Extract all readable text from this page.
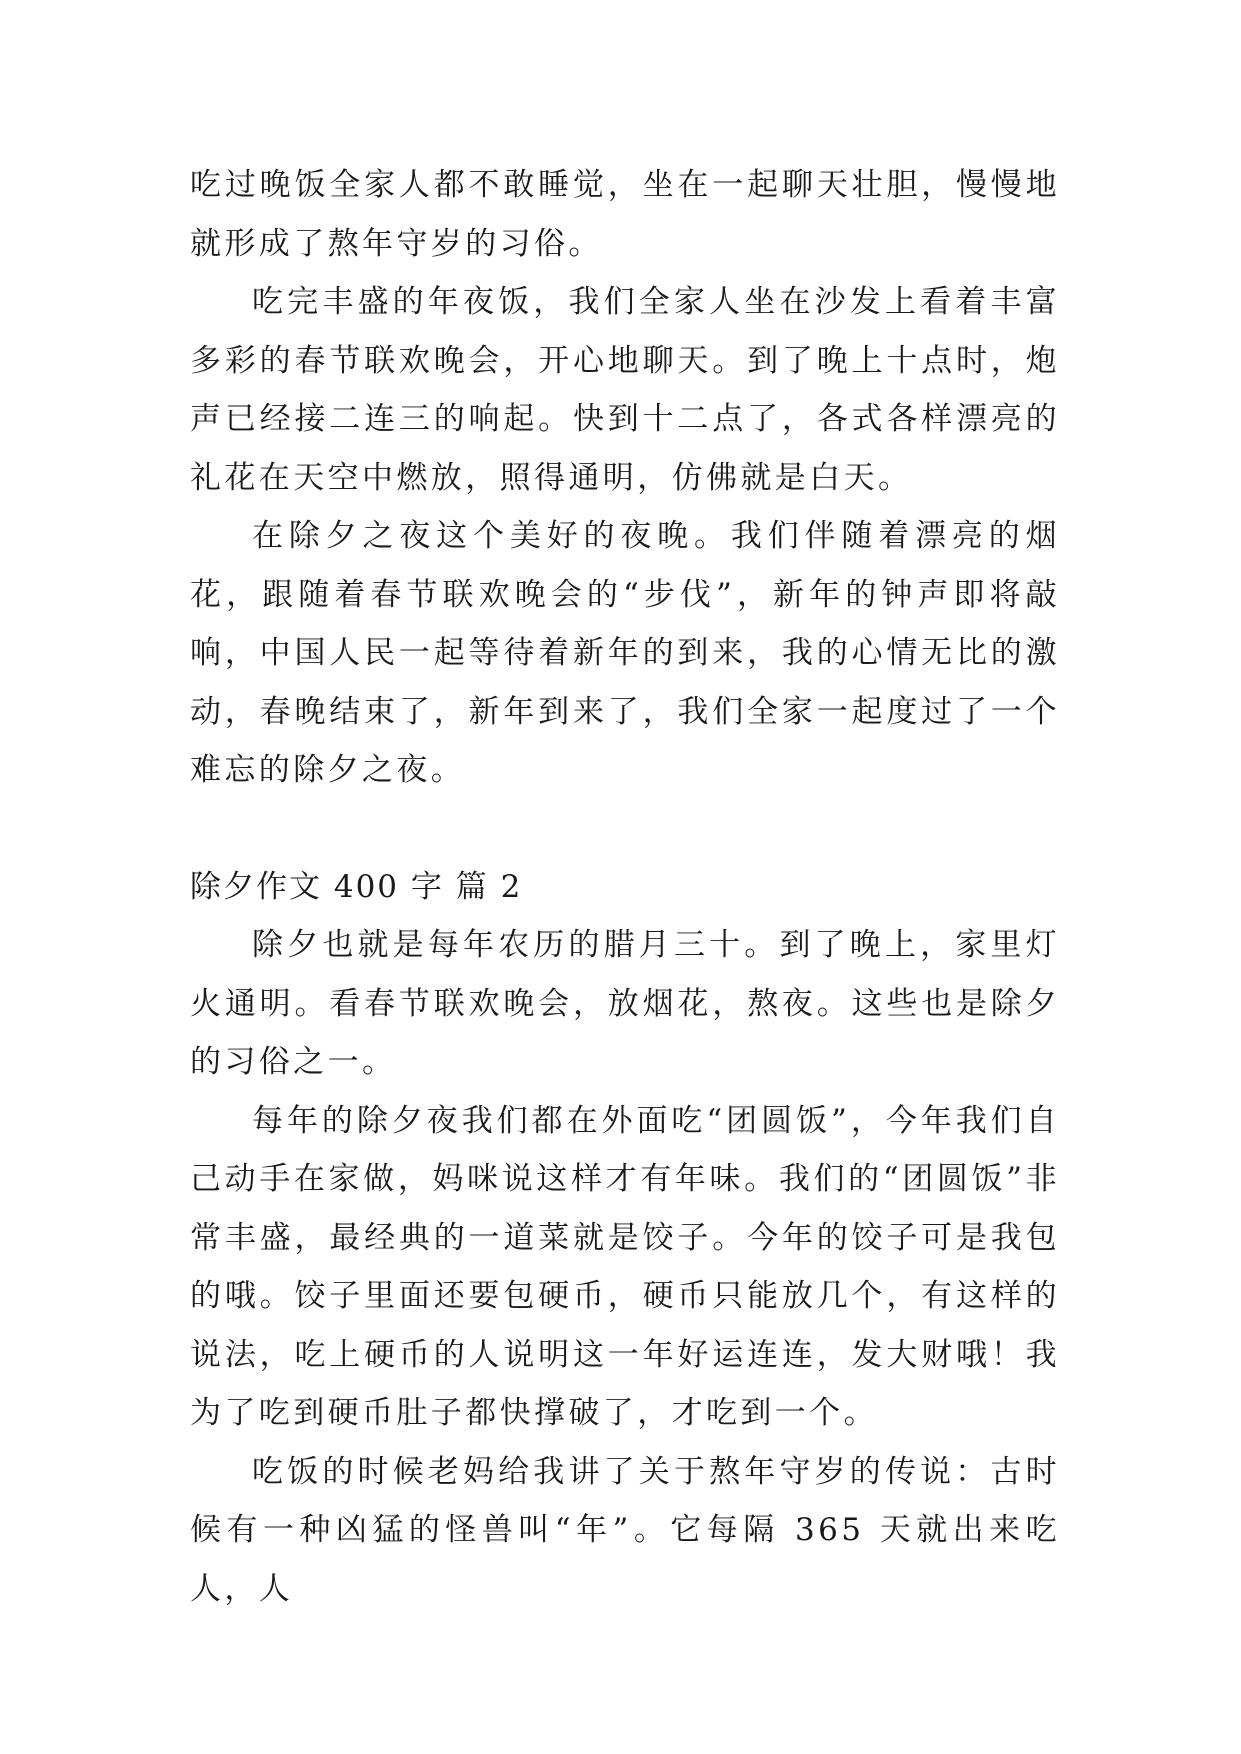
吃过晚饭全家人都不敢睡觉，坐在一起聊天壮胆，慢慢地就形成了熬年守岁的习俗。

吃完丰盛的年夜饭，我们全家人坐在沙发上看着丰富多彩的春节联欢晚会，开心地聊天。到了晚上十点时，炮声已经接二连三的响起。快到十二点了，各式各样漂亮的礼花在天空中燃放，照得通明，仿佛就是白天。

在除夕之夜这个美好的夜晚。我们伴随着漂亮的烟花，跟随着春节联欢晚会的“步伐”，新年的钟声即将敲响，中国人民一起等待着新年的到来，我的心情无比的激动，春晚结束了，新年到来了，我们全家一起度过了一个难忘的除夕之夜。

除夕作文 400 字 篇 2

除夕也就是每年农历的腊月三十。到了晚上，家里灯火通明。看春节联欢晚会，放烟花，熬夜。这些也是除夕的习俗之一。

每年的除夕夜我们都在外面吃“团圆饭”，今年我们自己动手在家做，妈咪说这样才有年味。我们的“团圆饭”非常丰盛，最经典的一道菜就是饺子。今年的饺子可是我包的哦。饺子里面还要包硬币，硬币只能放几个，有这样的说法，吃上硬币的人说明这一年好运连连，发大财哦！我为了吃到硬币肚子都快撑破了，才吃到一个。

吃饭的时候老妈给我讲了关于熬年守岁的传说：古时候有一种凶猛的怪兽叫“年”。它每隔 365 天就出来吃人，人
